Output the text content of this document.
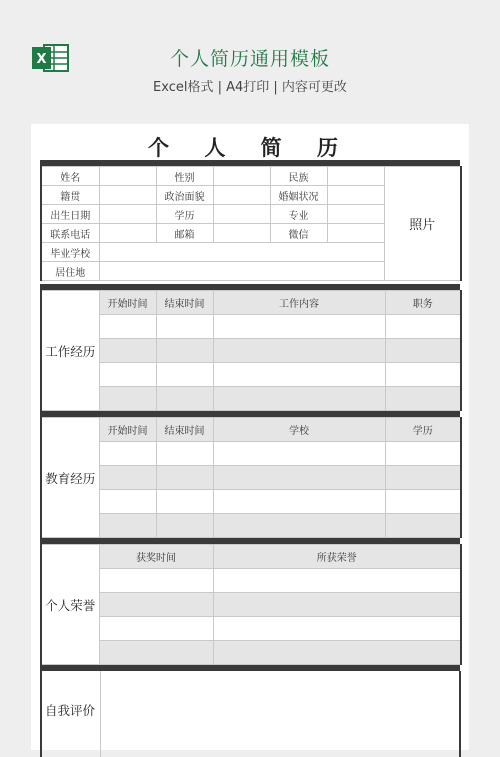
X	个人简历通用模板
Excel格式 | A4打印 | 内容可更改
个 人 简 历
姓名		性别		民族		照片
籍贯		政治面貌		婚姻状况		
出生日期		学历		专业		
联系电话		邮箱		微信		
毕业学校						
居住地						
工作经历	开始时间	结束时间	工作内容	职务

教育经历	开始时间	结束时间	学校	学历

个人荣誉	获奖时间	所获荣誉

自我评价
